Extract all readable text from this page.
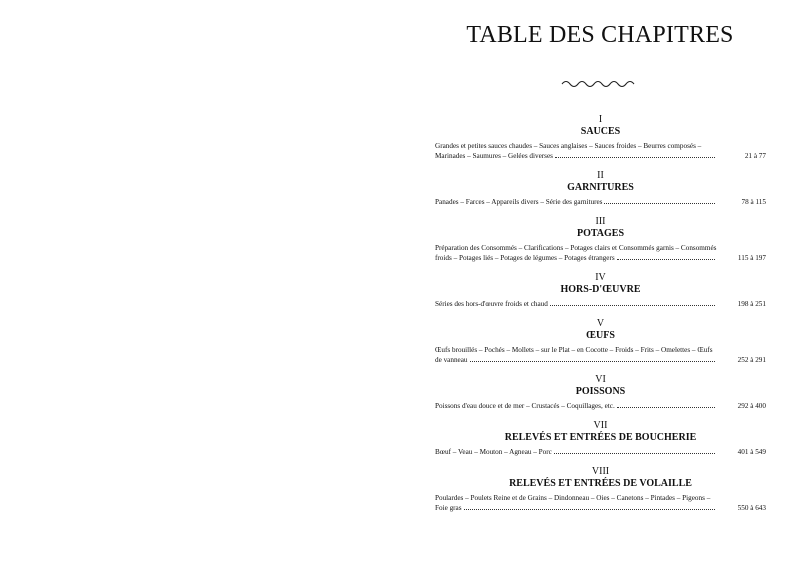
TABLE DES CHAPITRES
I
SAUCES
Grandes et petites sauces chaudes – Sauces anglaises – Sauces froides – Beurres composés – Marinades – Saumures – Gelées diverses	21 à 77
II
GARNITURES
Panades – Farces – Appareils divers – Série des garnitures	78 à 115
III
POTAGES
Préparation des Consommés – Clarifications – Potages clairs et Consommés garnis – Consommés froids – Potages liés – Potages de légumes – Potages étrangers	115 à 197
IV
HORS-D'ŒUVRE
Séries des hors-d'œuvre froids et chaud	198 à 251
V
ŒUFS
Œufs brouillés – Pochés – Mollets – sur le Plat – en Cocotte – Froids – Frits – Omelettes – Œufs de vanneau	252 à 291
VI
POISSONS
Poissons d'eau douce et de mer – Crustacés – Coquillages, etc.	292 à 400
VII
RELEVÉS ET ENTRÉES DE BOUCHERIE
Bœuf – Veau – Mouton – Agneau – Porc	401 à 549
VIII
RELEVÉS ET ENTRÉES DE VOLAILLE
Poulardes – Poulets Reine et de Grains – Dindonneau – Oies – Canetons – Pintades – Pigeons – Foie gras	550 à 643
